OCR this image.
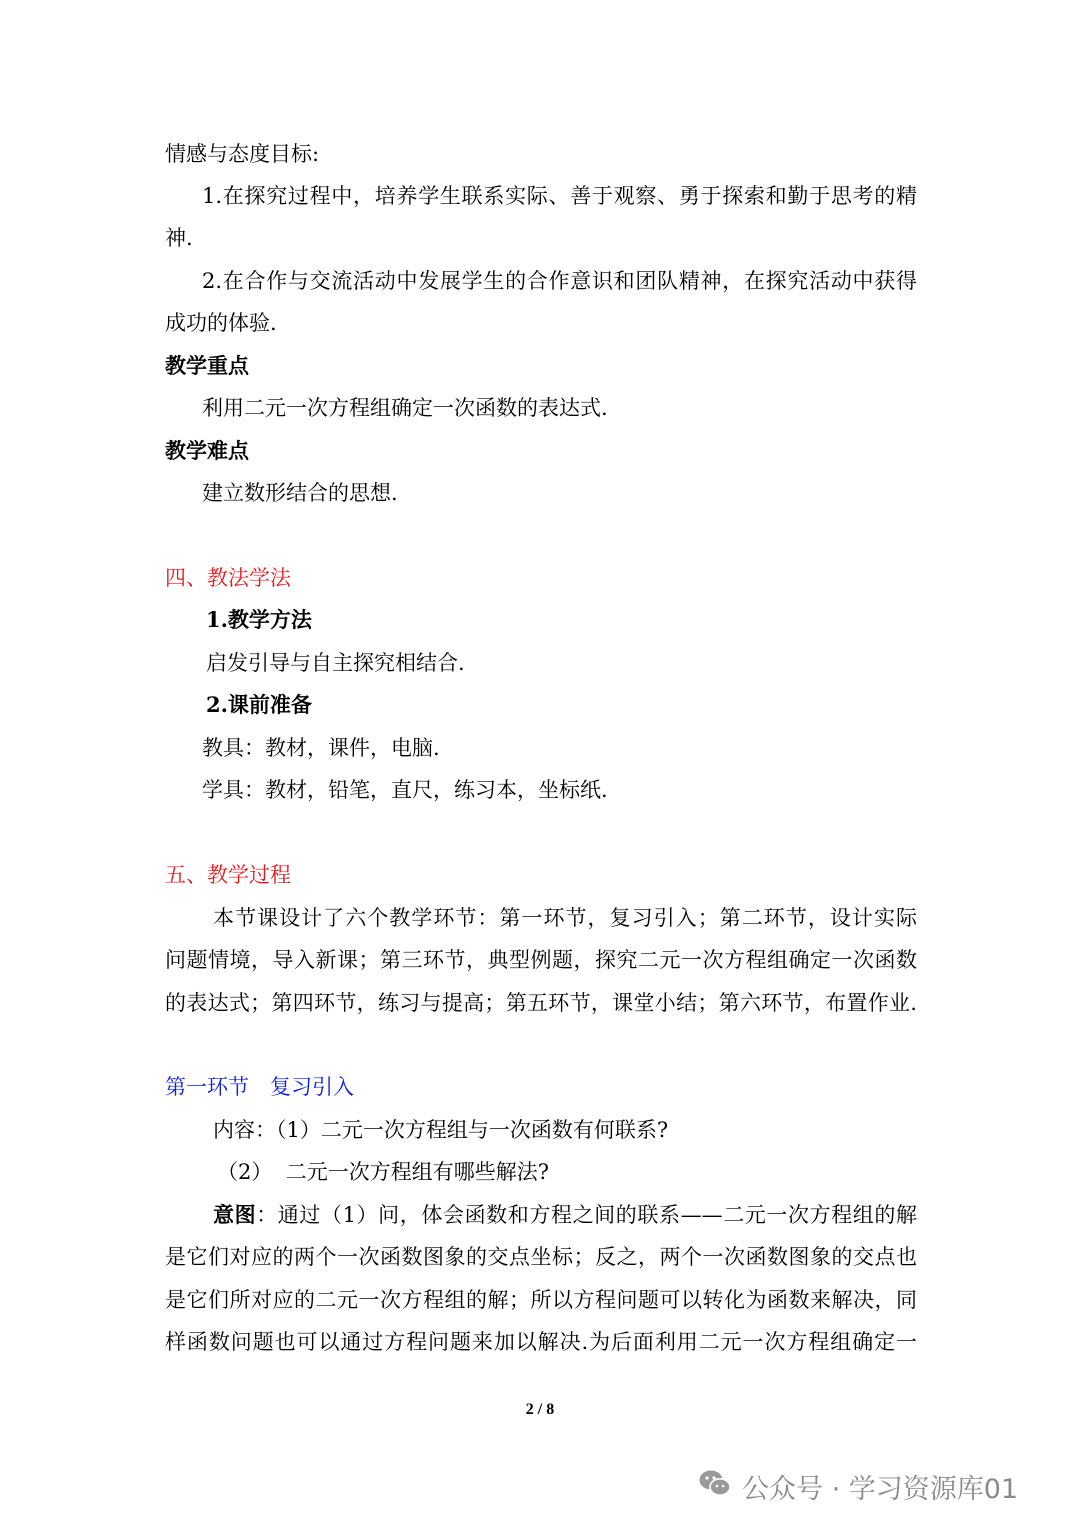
情感与态度目标:
1.在探究过程中，培养学生联系实际、善于观察、勇于探索和勤于思考的精
神.
2.在合作与交流活动中发展学生的合作意识和团队精神，在探究活动中获得
成功的体验.
教学重点
利用二元一次方程组确定一次函数的表达式.
教学难点
建立数形结合的思想.
四、教法学法
1.教学方法
启发引导与自主探究相结合.
2.课前准备
教具：教材，课件，电脑.
学具：教材，铅笔，直尺，练习本，坐标纸.
五、教学过程
本节课设计了六个教学环节：第一环节，复习引入；第二环节，设计实际
问题情境，导入新课；第三环节，典型例题，探究二元一次方程组确定一次函数
的表达式；第四环节，练习与提高；第五环节，课堂小结；第六环节，布置作业.
第一环节　复习引入
内容：（1）二元一次方程组与一次函数有何联系?
（2）  二元一次方程组有哪些解法?
意图：通过（1）问，体会函数和方程之间的联系——二元一次方程组的解
是它们对应的两个一次函数图象的交点坐标；反之，两个一次函数图象的交点也
是它们所对应的二元一次方程组的解；所以方程问题可以转化为函数来解决，同
样函数问题也可以通过方程问题来加以解决.为后面利用二元一次方程组确定一
2 / 8
公众号 · 学习资源库01
